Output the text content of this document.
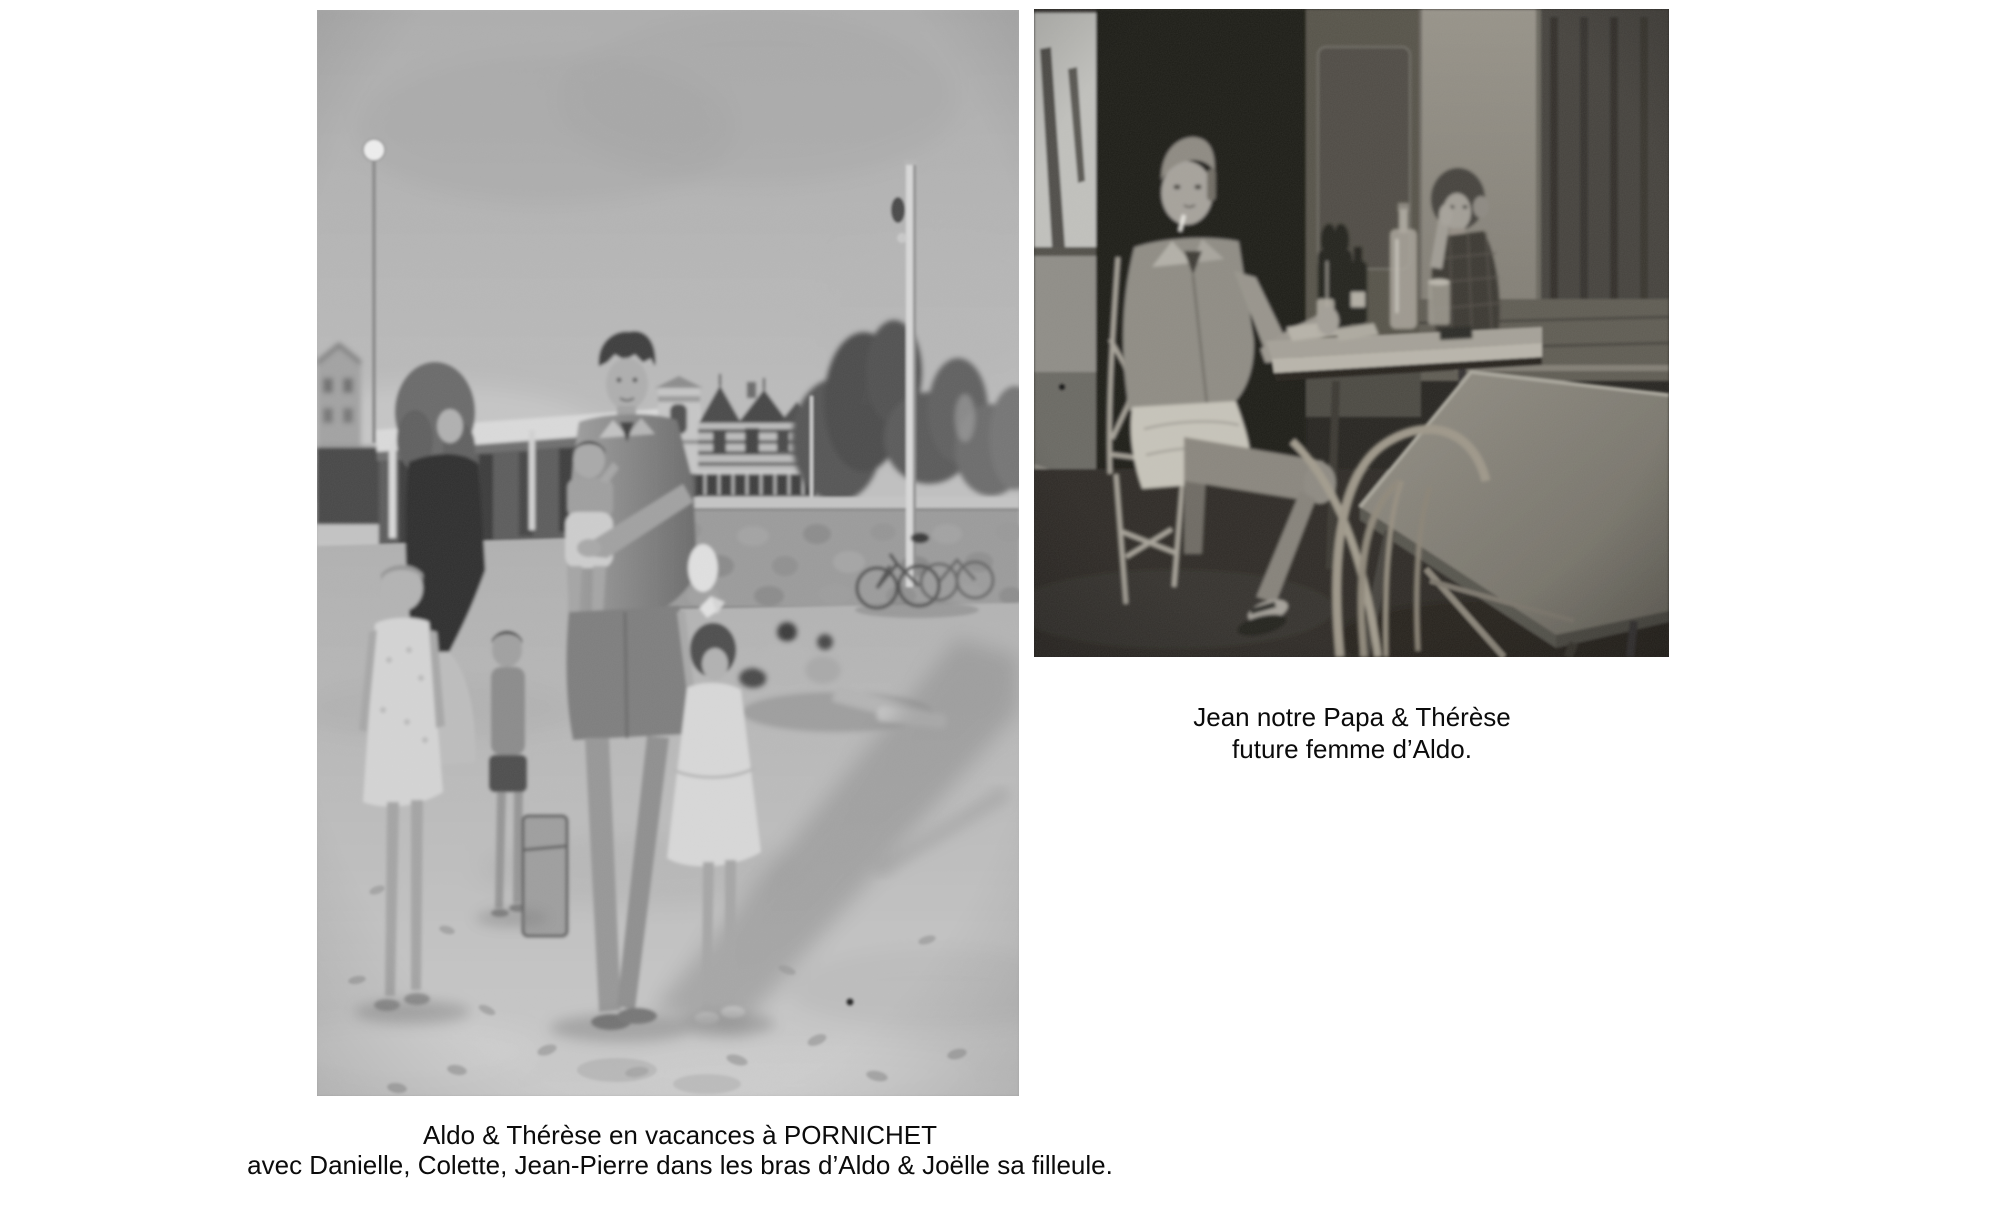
Aldo & Thérèse en vacances à PORNICHET
avec Danielle, Colette, Jean-Pierre dans les bras d’Aldo & Joëlle sa filleule.
Jean notre Papa & Thérèse
future femme d’Aldo.
